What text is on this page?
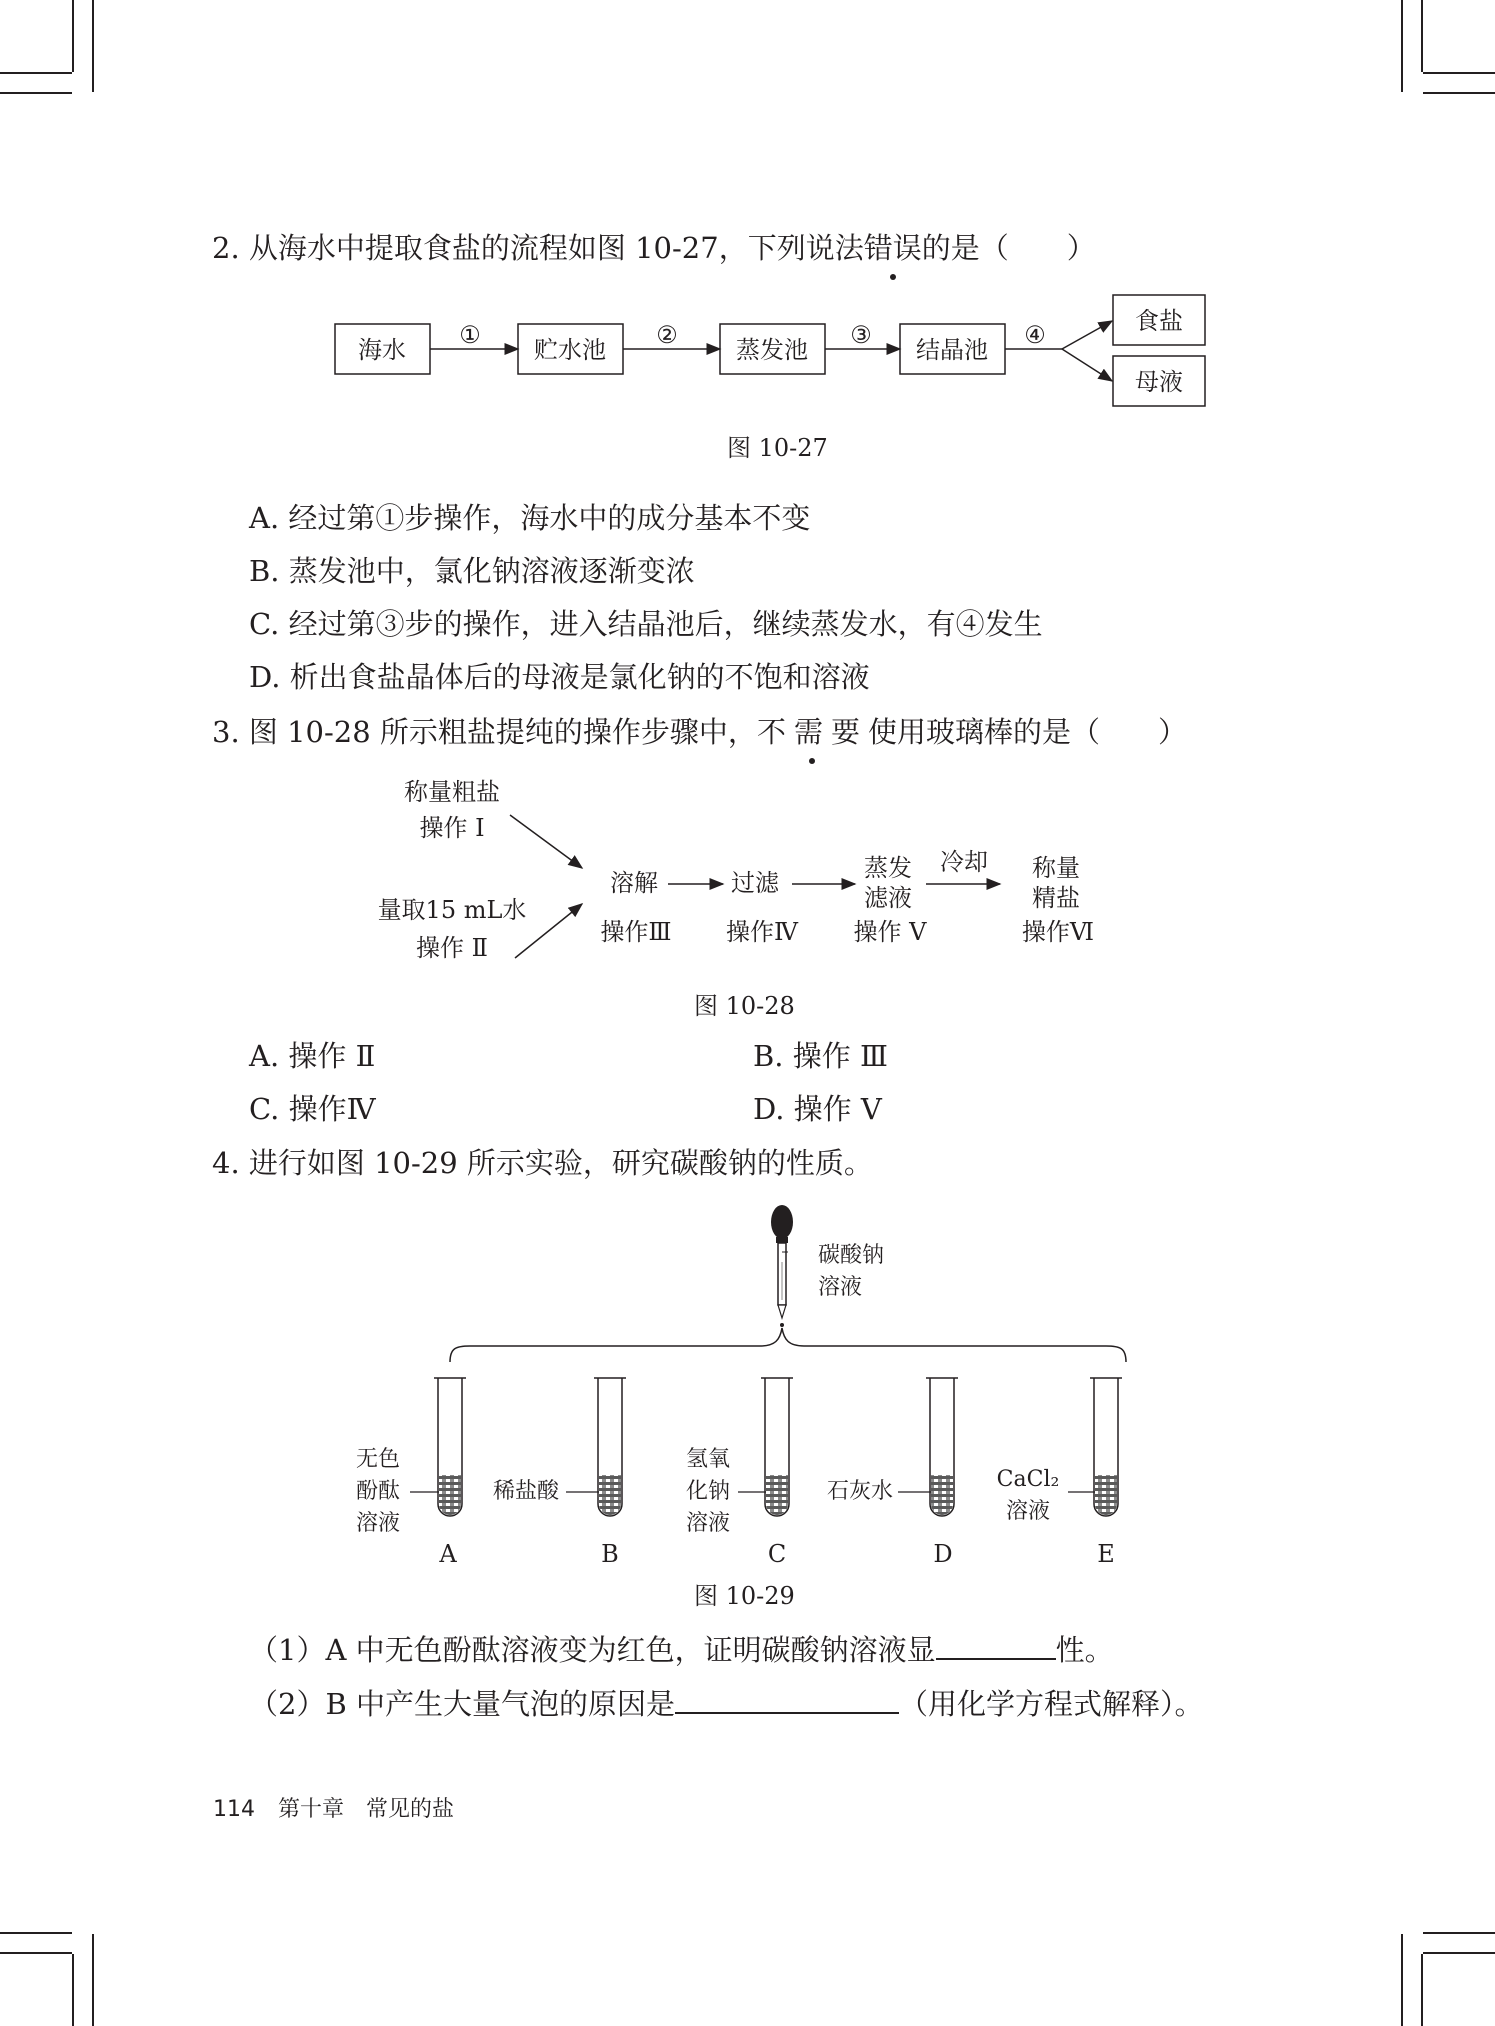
2. 从海水中提取食盐的流程如图 10-27，下列说法错误的是（　　）
海水
①
贮水池
②
蒸发池
③
结晶池
④	食盐
母液
图 10-27
A. 经过第①步操作，海水中的成分基本不变
B. 蒸发池中，氯化钠溶液逐渐变浓
C. 经过第③步的操作，进入结晶池后，继续蒸发水，有④发生
D. 析出食盐晶体后的母液是氯化钠的不饱和溶液
3. 图 10-28 所示粗盐提纯的操作步骤中，不需要使用玻璃棒的是（　　）
称量粗盐
操作 Ⅰ
量取15 mL水
操作 Ⅱ
溶解
操作Ⅲ
过滤
操作Ⅳ
蒸发
滤液
操作 Ⅴ
冷却 称量
精盐
操作Ⅵ
图 10-28
A. 操作 Ⅱ	B. 操作 Ⅲ
C. 操作Ⅳ	D. 操作 Ⅴ
4. 进行如图 10-29 所示实验，研究碳酸钠的性质。
碳酸钠
溶液
无色
酚酞
溶液
A
稀盐酸
B
氢氧
化钠
溶液
C
石灰水
D
CaCl₂
溶液
E
图 10-29
（1）A 中无色酚酞溶液变为红色，证明碳酸钠溶液显	性。
（2）B 中产生大量气泡的原因是	（用化学方程式解释）。
114 第十章　常见的盐
